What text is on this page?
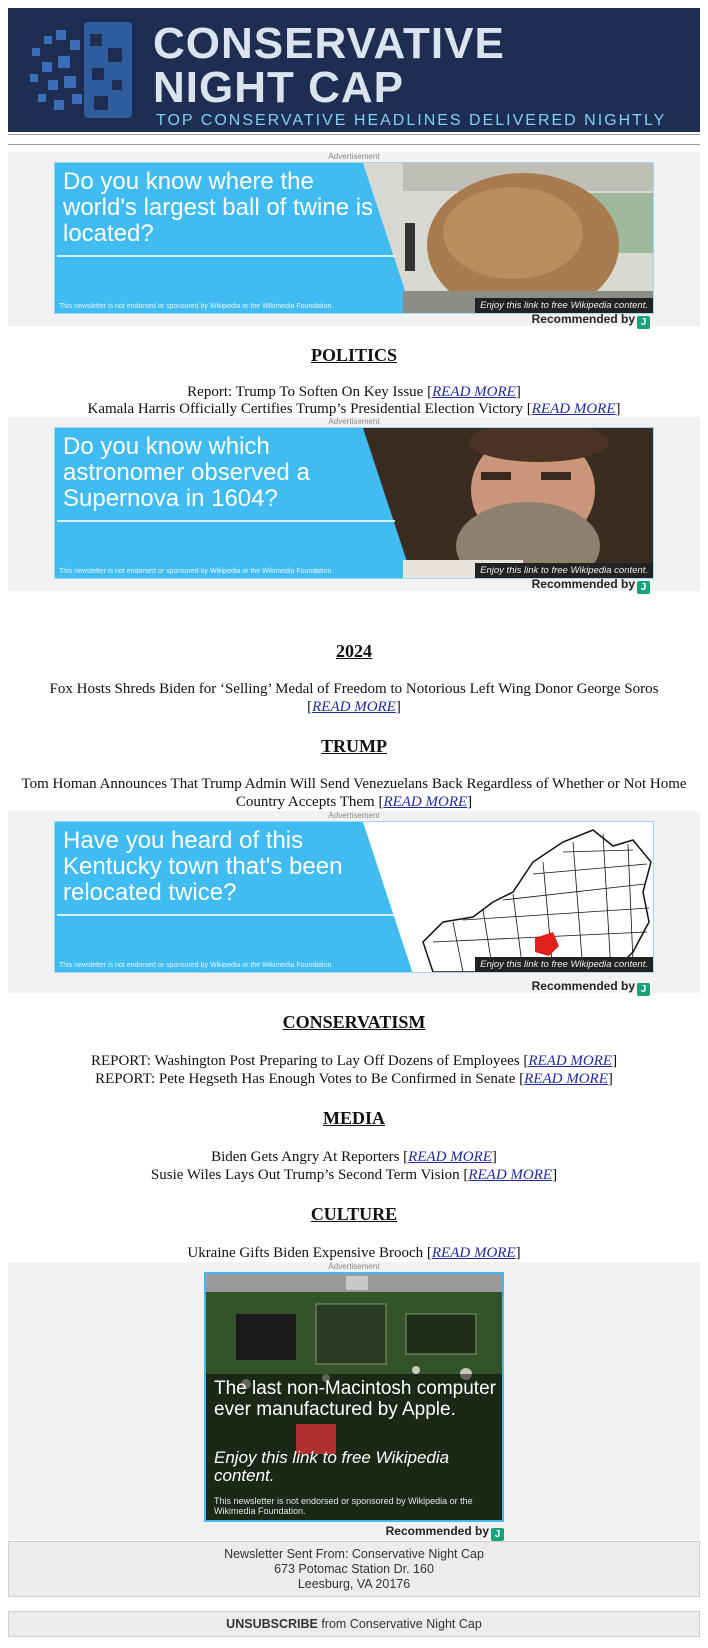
CONSERVATIVE
NIGHT CAP
TOP CONSERVATIVE HEADLINES DELIVERED NIGHTLY
Advertisement
Do you know where the world's largest ball of twine is located?
This newsletter is not endorsed or sponsored by Wikipedia or the Wikimedia Foundation.	Enjoy this link to free Wikipedia content.
Recommended by J
POLITICS
Report: Trump To Soften On Key Issue [READ MORE]
Kamala Harris Officially Certifies Trump’s Presidential Election Victory [READ MORE]
Advertisement
Do you know which astronomer observed a Supernova in 1604?
This newsletter is not endorsed or sponsored by Wikipedia or the Wikimedia Foundation.	Enjoy this link to free Wikipedia content.
Recommended by J
2024
Fox Hosts Shreds Biden for ‘Selling’ Medal of Freedom to Notorious Left Wing Donor George Soros
[READ MORE]
TRUMP
Tom Homan Announces That Trump Admin Will Send Venezuelans Back Regardless of Whether or Not Home Country Accepts Them [READ MORE]
Advertisement
Have you heard of this Kentucky town that's been relocated twice?
This newsletter is not endorsed or sponsored by Wikipedia or the Wikimedia Foundation.	Enjoy this link to free Wikipedia content.
Recommended by J
CONSERVATISM
REPORT: Washington Post Preparing to Lay Off Dozens of Employees [READ MORE]
REPORT: Pete Hegseth Has Enough Votes to Be Confirmed in Senate [READ MORE]
MEDIA
Biden Gets Angry At Reporters [READ MORE]
Susie Wiles Lays Out Trump’s Second Term Vision [READ MORE]
CULTURE
Ukraine Gifts Biden Expensive Brooch [READ MORE]
Advertisement
The last non-Macintosh computer ever manufactured by Apple.
Enjoy this link to free Wikipedia content.
This newsletter is not endorsed or sponsored by Wikipedia or the Wikimedia Foundation.
Recommended by J
Newsletter Sent From: Conservative Night Cap
673 Potomac Station Dr. 160
Leesburg, VA 20176
UNSUBSCRIBE from Conservative Night Cap
